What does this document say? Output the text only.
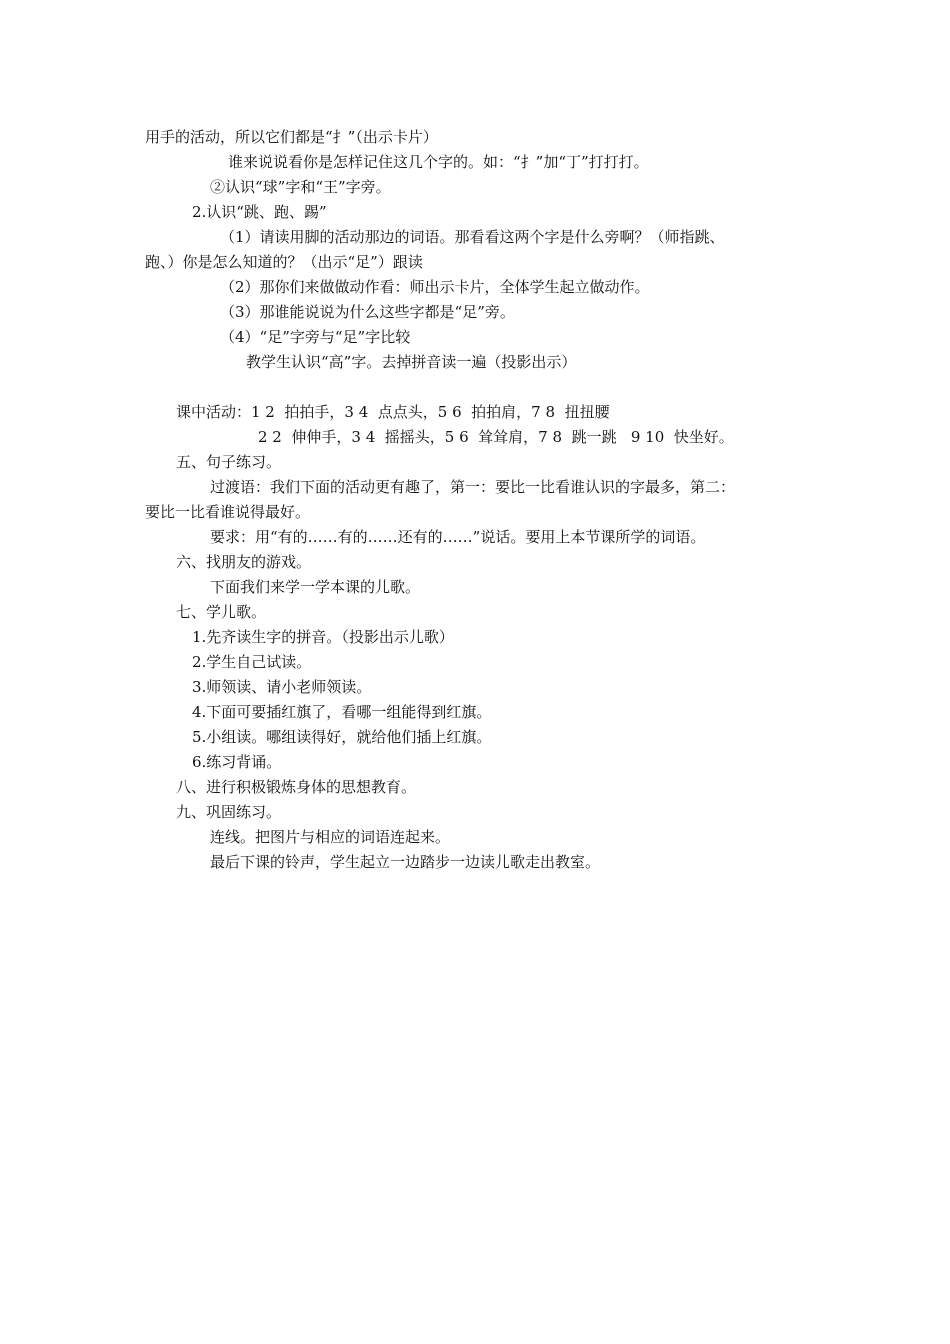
用手的活动，所以它们都是“扌”（出示卡片）
谁来说说看你是怎样记住这几个字的。如：“扌”加“丁”打打打。
②认识“球”字和“王”字旁。
2.认识“跳、跑、踢”
（1）请读用脚的活动那边的词语。那看看这两个字是什么旁啊？（师指跳、
跑、）你是怎么知道的？（出示“足”）跟读
（2）那你们来做做动作看：师出示卡片，全体学生起立做动作。
（3）那谁能说说为什么这些字都是“足”旁。
（4）“足”字旁与“足”字比较
教学生认识“高”字。去掉拼音读一遍（投影出示）
课中活动：1 2  拍拍手，3 4  点点头，5 6  拍拍肩，7 8  扭扭腰
2 2  伸伸手，3 4  摇摇头，5 6  耸耸肩，7 8  跳一跳   9 10  快坐好。
五、句子练习。
过渡语：我们下面的活动更有趣了，第一：要比一比看谁认识的字最多，第二：
要比一比看谁说得最好。
要求：用“有的……有的……还有的……”说话。要用上本节课所学的词语。
六、找朋友的游戏。
下面我们来学一学本课的儿歌。
七、学儿歌。
1.先齐读生字的拼音。（投影出示儿歌）
2.学生自己试读。
3.师领读、请小老师领读。
4.下面可要插红旗了，看哪一组能得到红旗。
5.小组读。哪组读得好，就给他们插上红旗。
6.练习背诵。
八、进行积极锻炼身体的思想教育。
九、巩固练习。
连线。把图片与相应的词语连起来。
最后下课的铃声，学生起立一边踏步一边读儿歌走出教室。
